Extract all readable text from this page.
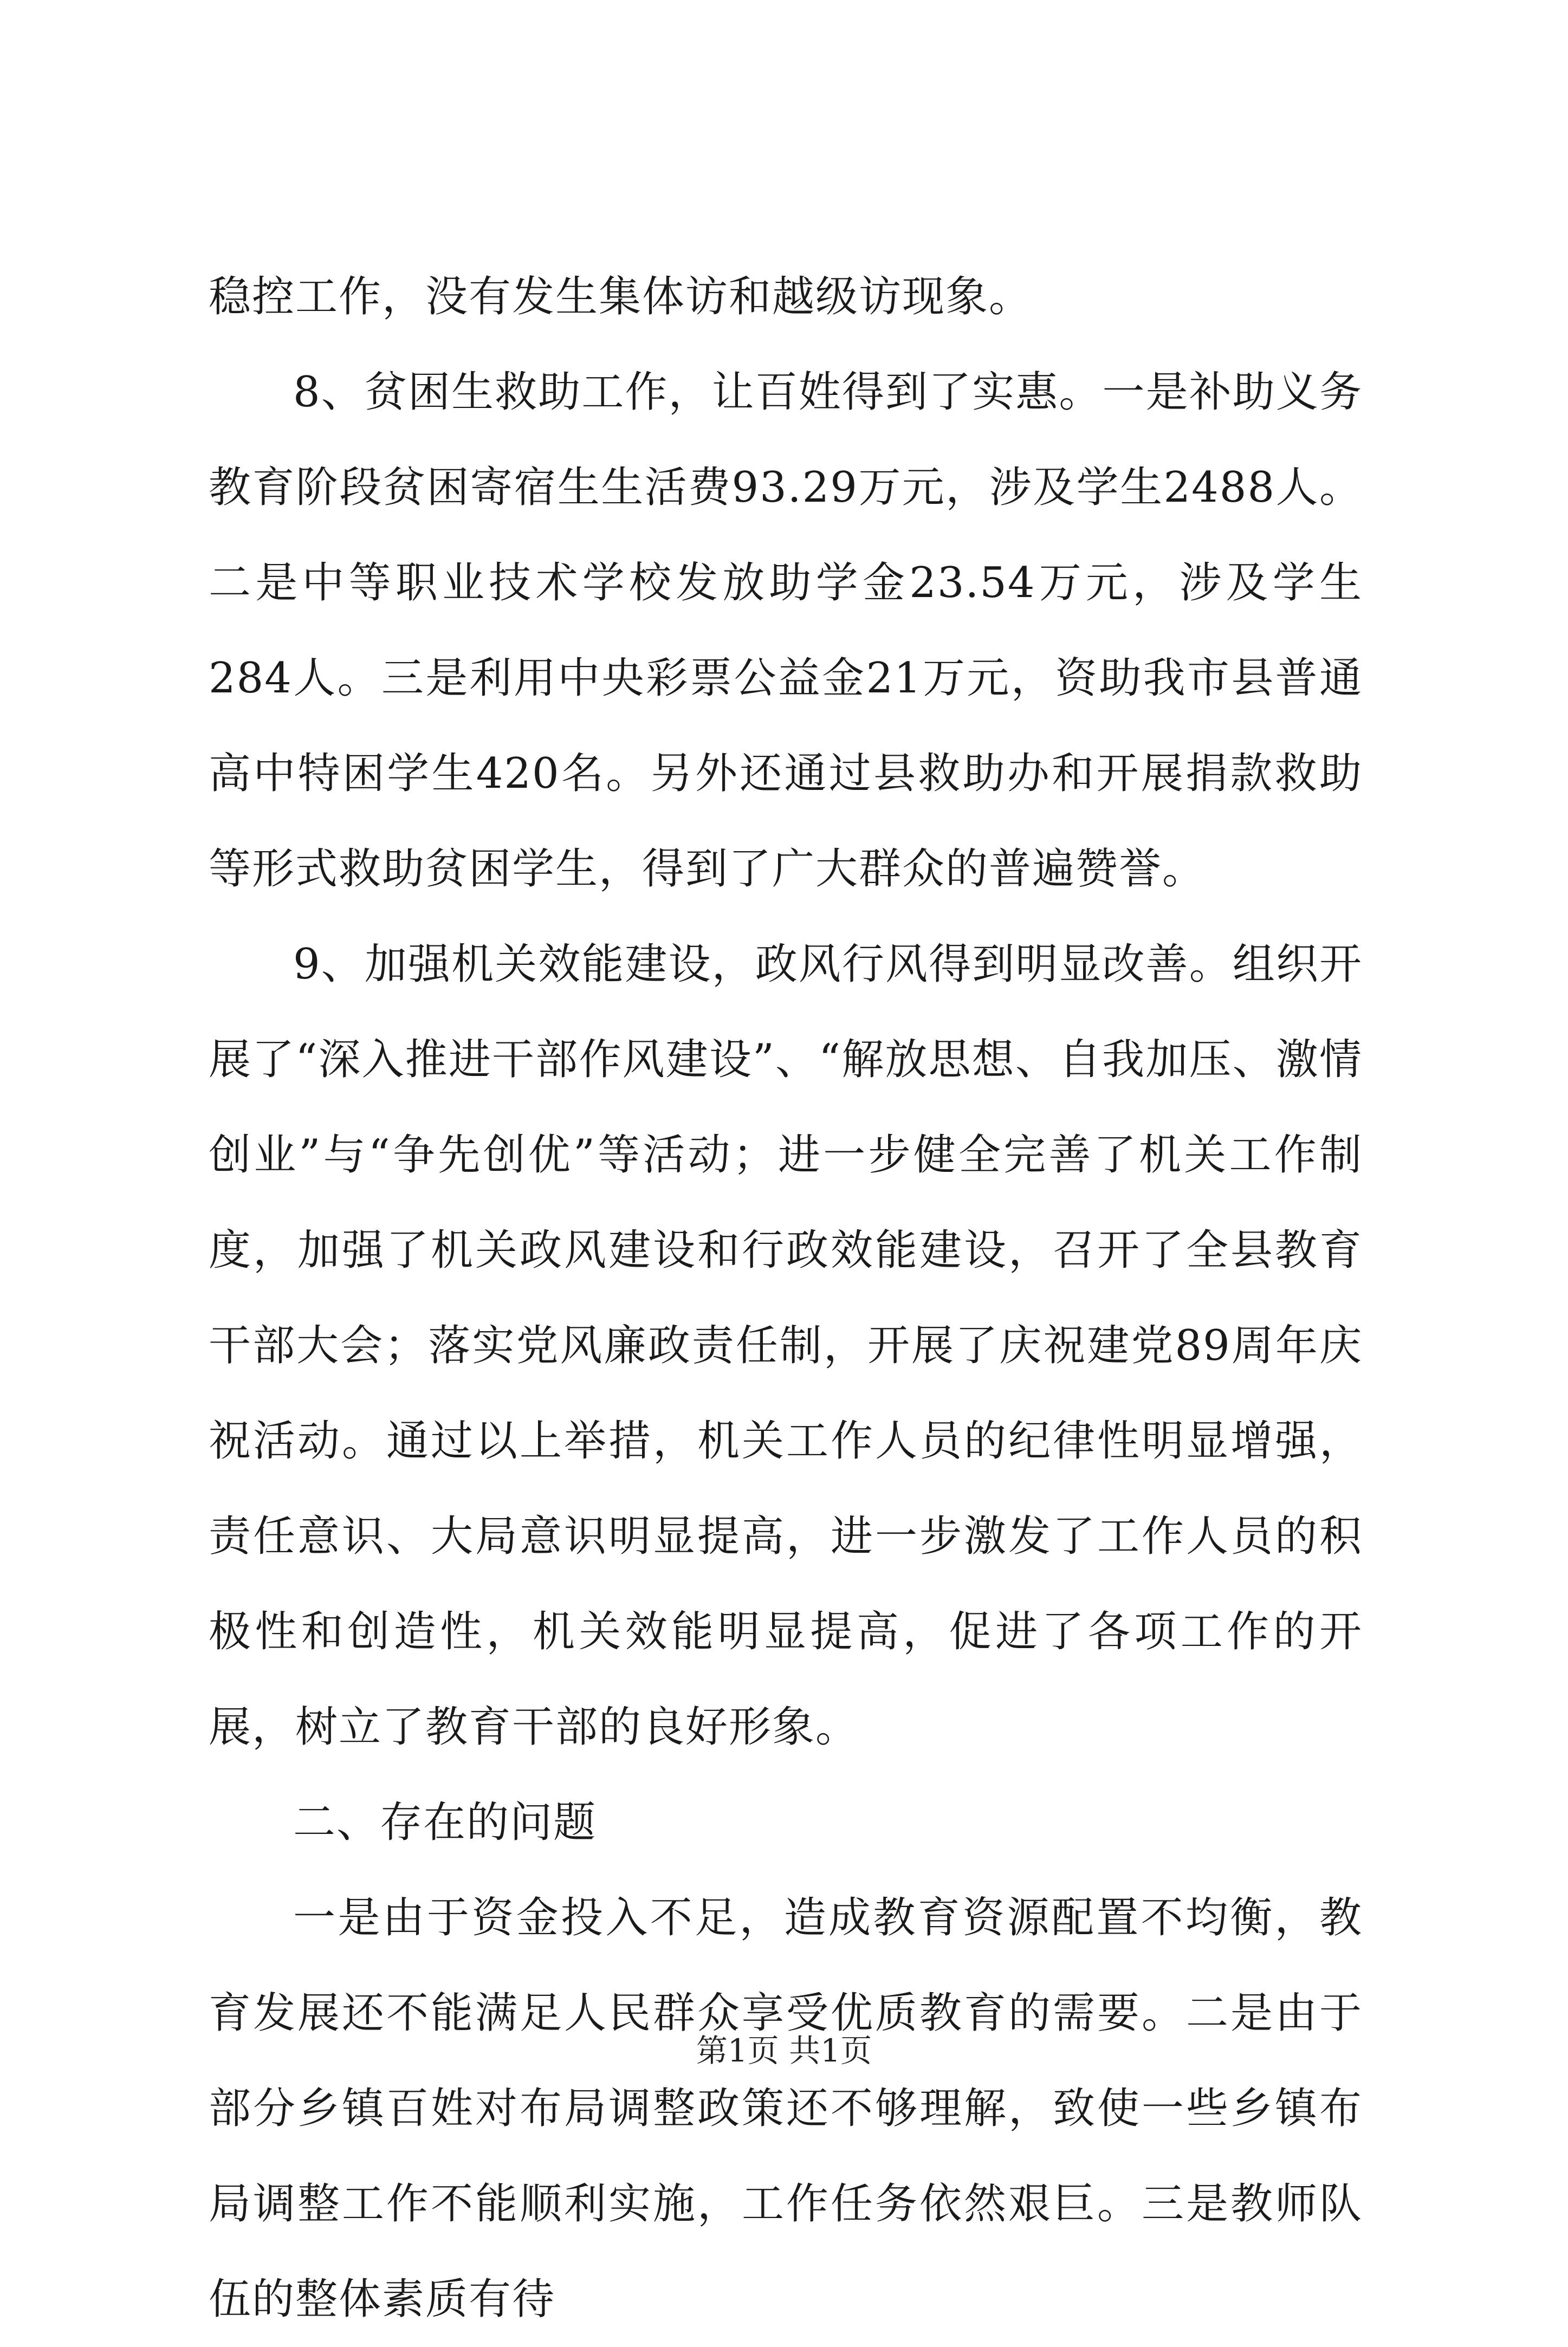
稳控工作，没有发生集体访和越级访现象。

8、贫困生救助工作，让百姓得到了实惠。一是补助义务教育阶段贫困寄宿生生活费93.29万元，涉及学生2488人。二是中等职业技术学校发放助学金23.54万元，涉及学生284人。三是利用中央彩票公益金21万元，资助我市县普通高中特困学生420名。另外还通过县救助办和开展捐款救助等形式救助贫困学生，得到了广大群众的普遍赞誉。

9、加强机关效能建设，政风行风得到明显改善。组织开展了“深入推进干部作风建设”、“解放思想、自我加压、激情创业”与“争先创优”等活动；进一步健全完善了机关工作制度，加强了机关政风建设和行政效能建设，召开了全县教育干部大会；落实党风廉政责任制，开展了庆祝建党89周年庆祝活动。通过以上举措，机关工作人员的纪律性明显增强，责任意识、大局意识明显提高，进一步激发了工作人员的积极性和创造性，机关效能明显提高，促进了各项工作的开展，树立了教育干部的良好形象。

二、存在的问题

一是由于资金投入不足，造成教育资源配置不均衡，教育发展还不能满足人民群众享受优质教育的需要。二是由于部分乡镇百姓对布局调整政策还不够理解，致使一些乡镇布局调整工作不能顺利实施，工作任务依然艰巨。三是教师队伍的整体素质有待

第1页 共1页
